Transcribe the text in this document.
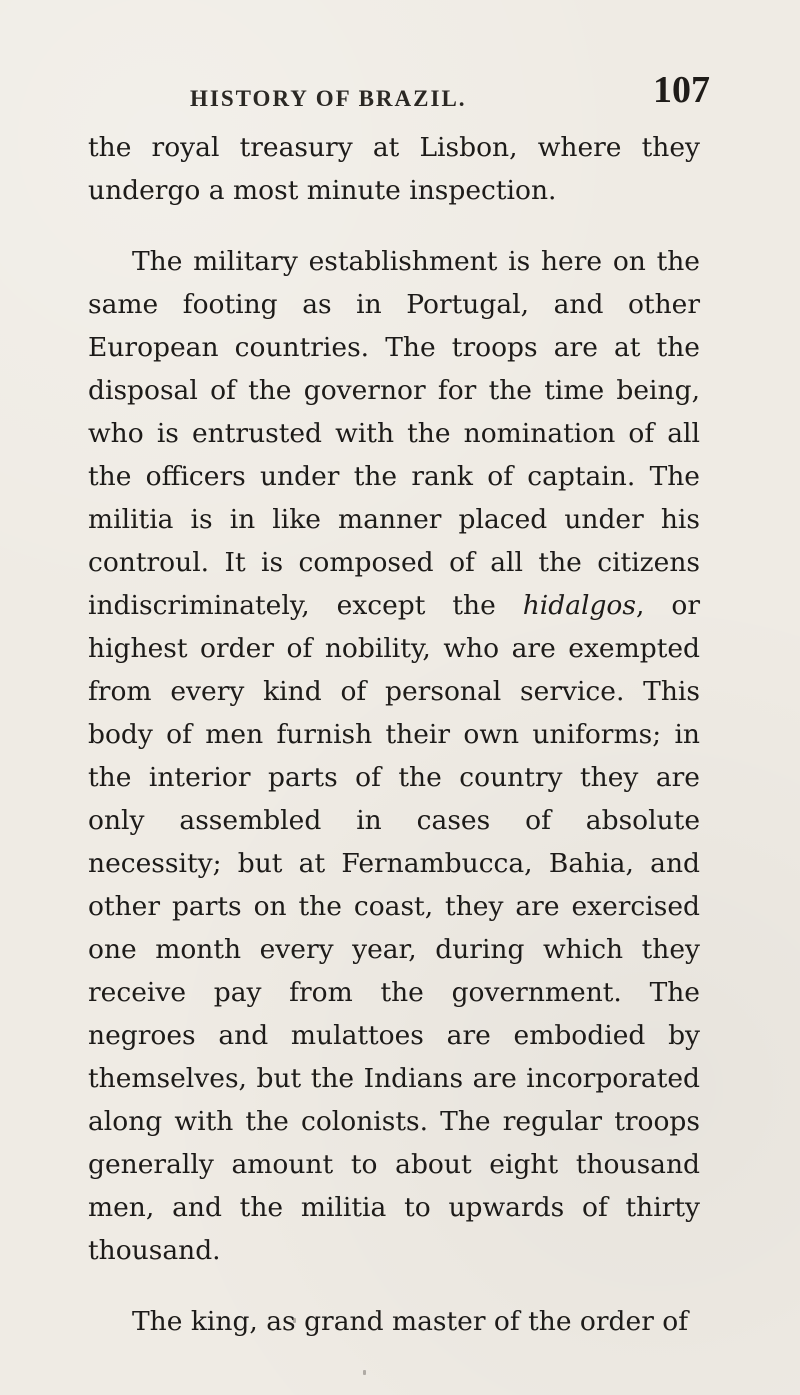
HISTORY OF BRAZIL.	107

the royal treasury at Lisbon, where they undergo a most minute inspection.

The military establishment is here on the same footing as in Portugal, and other European countries. The troops are at the disposal of the governor for the time being, who is entrusted with the nomination of all the officers under the rank of captain. The militia is in like manner placed under his controul. It is composed of all the citizens indiscriminately, except the hidalgos, or highest order of nobility, who are exempted from every kind of personal service. This body of men furnish their own uniforms; in the interior parts of the country they are only assembled in cases of absolute necessity; but at Fernambucca, Bahia, and other parts on the coast, they are exercised one month every year, during which they receive pay from the government. The negroes and mulattoes are embodied by themselves, but the Indians are incorporated along with the colonists. The regular troops generally amount to about eight thousand men, and the militia to upwards of thirty thousand.

The king, as grand master of the order of
